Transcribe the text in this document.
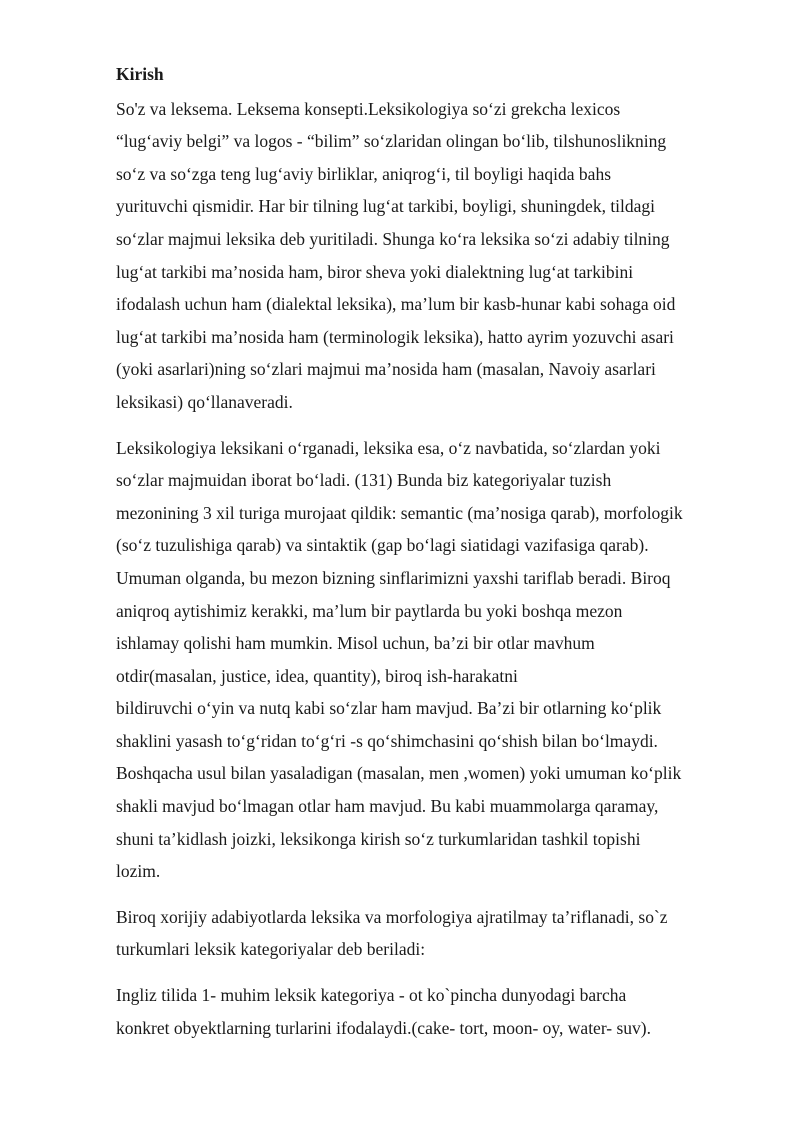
Kirish
So'z va leksema. Leksema konsepti.Leksikologiya so‘zi grekcha lexicos
“lug‘aviy belgi” va logos - “bilim” so‘zlaridan olingan bo‘lib, tilshunoslikning
so‘z va so‘zga teng lug‘aviy birliklar, aniqrog‘i, til boyligi haqida bahs
yurituvchi qismidir. Har bir tilning lug‘at tarkibi, boyligi, shuningdek, tildagi
so‘zlar majmui leksika deb yuritiladi. Shunga ko‘ra leksika so‘zi adabiy tilning
lug‘at tarkibi ma’nosida ham, biror sheva yoki dialektning lug‘at tarkibini
ifodalash uchun ham (dialektal leksika), ma’lum bir kasb-hunar kabi sohaga oid
lug‘at tarkibi ma’nosida ham (terminologik leksika), hatto ayrim yozuvchi asari
(yoki asarlari)ning so‘zlari majmui ma’nosida ham (masalan, Navoiy asarlari
leksikasi) qo‘llanaveradi.
Leksikologiya leksikani o‘rganadi, leksika esa, o‘z navbatida, so‘zlardan yoki
so‘zlar majmuidan iborat bo‘ladi. (131) Bunda biz kategoriyalar tuzish
mezonining 3 xil turiga murojaat qildik: semantic (ma’nosiga qarab), morfologik
(so‘z tuzulishiga qarab) va sintaktik (gap bo‘lagi siatidagi vazifasiga qarab).
Umuman olganda, bu mezon bizning sinflarimizni yaxshi tariflab beradi. Biroq
aniqroq aytishimiz kerakki, ma’lum bir paytlarda bu yoki boshqa mezon
ishlamay qolishi ham mumkin. Misol uchun, ba’zi bir otlar mavhum
otdir(masalan, justice, idea, quantity), biroq ish-harakatni
bildiruvchi o‘yin va nutq kabi so‘zlar ham mavjud. Ba’zi bir otlarning ko‘plik
shaklini yasash to‘g‘ridan to‘g‘ri -s qo‘shimchasini qo‘shish bilan bo‘lmaydi.
Boshqacha usul bilan yasaladigan (masalan, men ,women) yoki umuman ko‘plik
shakli mavjud bo‘lmagan otlar ham mavjud. Bu kabi muammolarga qaramay,
shuni ta’kidlash joizki, leksikonga kirish so‘z turkumlaridan tashkil topishi
lozim.
Biroq xorijiy adabiyotlarda leksika va morfologiya ajratilmay ta’riflanadi, so`z
turkumlari leksik kategoriyalar deb beriladi:
Ingliz tilida 1- muhim leksik kategoriya - ot ko`pincha dunyodagi barcha
konkret obyektlarning turlarini ifodalaydi.(cake- tort, moon- oy, water- suv).
